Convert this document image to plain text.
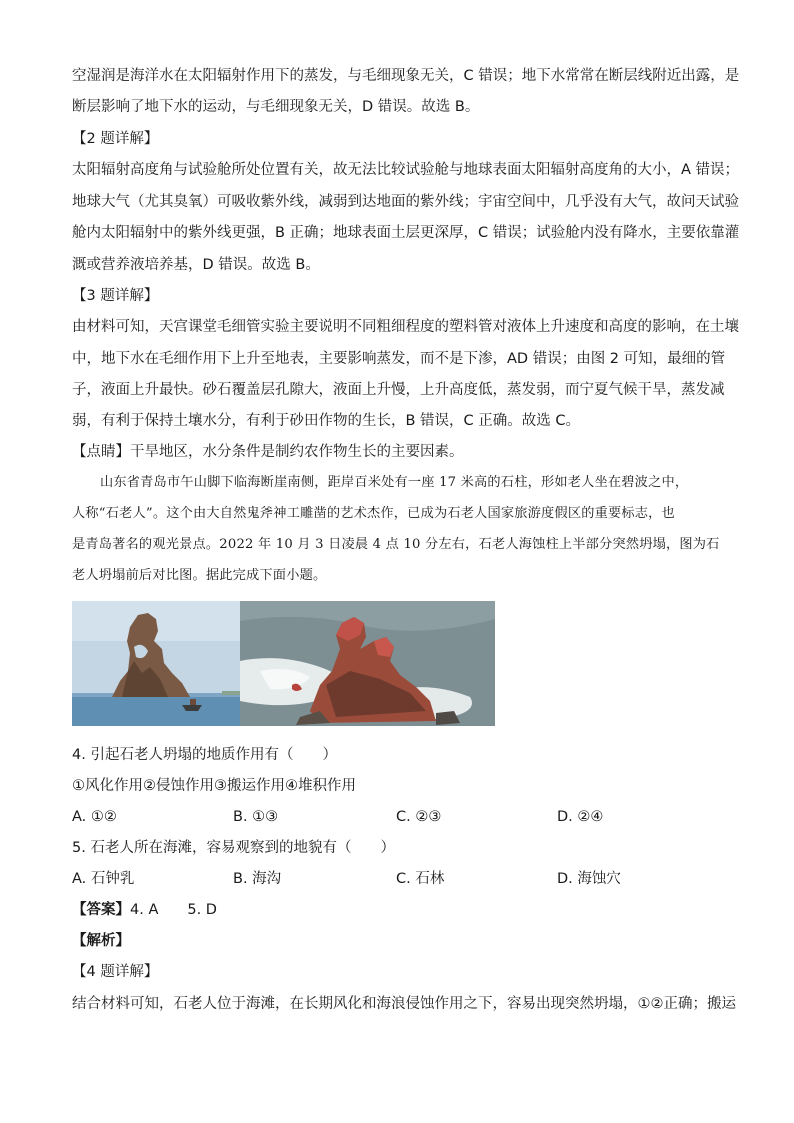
空湿润是海洋水在太阳辐射作用下的蒸发，与毛细现象无关，C 错误；地下水常常在断层线附近出露，是
断层影响了地下水的运动，与毛细现象无关，D 错误。故选 B。
【2 题详解】
太阳辐射高度角与试验舱所处位置有关，故无法比较试验舱与地球表面太阳辐射高度角的大小，A 错误；
地球大气（尤其臭氧）可吸收紫外线，减弱到达地面的紫外线；宇宙空间中，几乎没有大气，故问天试验
舱内太阳辐射中的紫外线更强，B 正确；地球表面土层更深厚，C 错误；试验舱内没有降水，主要依靠灌
溉或营养液培养基，D 错误。故选 B。
【3 题详解】
由材料可知，天宫课堂毛细管实验主要说明不同粗细程度的塑料管对液体上升速度和高度的影响，在土壤
中，地下水在毛细作用下上升至地表，主要影响蒸发，而不是下渗，AD 错误；由图 2 可知，最细的管
子，液面上升最快。砂石覆盖层孔隙大，液面上升慢，上升高度低，蒸发弱，而宁夏气候干旱，蒸发减
弱，有利于保持土壤水分，有利于砂田作物的生长，B 错误，C 正确。故选 C。
【点睛】干旱地区，水分条件是制约农作物生长的主要因素。
山东省青岛市午山脚下临海断崖南侧，距岸百米处有一座 17 米高的石柱，形如老人坐在碧波之中，
人称“石老人”。这个由大自然鬼斧神工雕凿的艺术杰作，已成为石老人国家旅游度假区的重要标志，也
是青岛著名的观光景点。2022 年 10 月 3 日凌晨 4 点 10 分左右，石老人海蚀柱上半部分突然坍塌，图为石
老人坍塌前后对比图。据此完成下面小题。
4. 引起石老人坍塌的地质作用有（　　）
①风化作用②侵蚀作用③搬运作用④堆积作用
A. ①②	B. ①③	C. ②③	D. ②④
5. 石老人所在海滩，容易观察到的地貌有（　　）
A. 石钟乳	B. 海沟	C. 石林	D. 海蚀穴
【答案】4. A　　5. D
【解析】
【4 题详解】
结合材料可知，石老人位于海滩，在长期风化和海浪侵蚀作用之下，容易出现突然坍塌，①②正确；搬运
